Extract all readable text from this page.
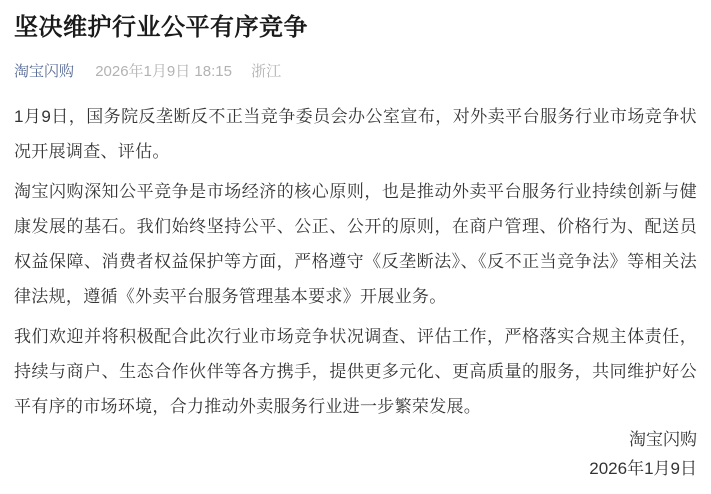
坚决维护行业公平有序竞争
淘宝闪购 2026年1月9日 18:15 浙江

1月9日，国务院反垄断反不正当竞争委员会办公室宣布，对外卖平台服务行业市场竞争状况开展调查、评估。

淘宝闪购深知公平竞争是市场经济的核心原则，也是推动外卖平台服务行业持续创新与健康发展的基石。我们始终坚持公平、公正、公开的原则，在商户管理、价格行为、配送员权益保障、消费者权益保护等方面，严格遵守《反垄断法》、《反不正当竞争法》等相关法律法规，遵循《外卖平台服务管理基本要求》开展业务。

我们欢迎并将积极配合此次行业市场竞争状况调查、评估工作，严格落实合规主体责任，持续与商户、生态合作伙伴等各方携手，提供更多元化、更高质量的服务，共同维护好公平有序的市场环境，合力推动外卖服务行业进一步繁荣发展。

淘宝闪购
2026年1月9日
